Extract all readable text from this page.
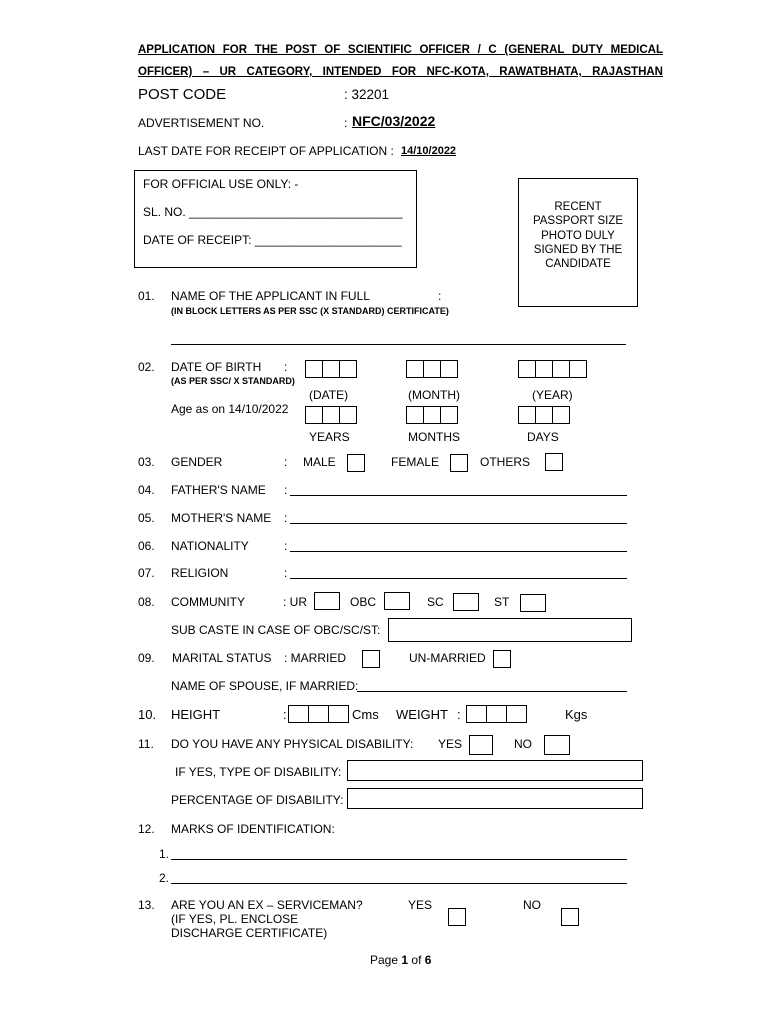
APPLICATION FOR THE POST OF SCIENTIFIC OFFICER / C (GENERAL DUTY MEDICAL
OFFICER) – UR CATEGORY, INTENDED FOR NFC-KOTA, RAWATBHATA, RAJASTHAN
POST CODE	: 32201
ADVERTISEMENT NO.	: NFC/03/2022
LAST DATE FOR RECEIPT OF APPLICATION : 14/10/2022
FOR OFFICIAL USE ONLY: -
SL. NO. ________________________________
DATE OF RECEIPT: ______________________
RECENT
PASSPORT SIZE
PHOTO DULY
SIGNED BY THE
CANDIDATE
01. NAME OF THE APPLICANT IN FULL	:
(IN BLOCK LETTERS AS PER SSC (X STANDARD) CERTIFICATE)
02. DATE OF BIRTH :
(AS PER SSC/ X STANDARD)
(DATE)	(MONTH)	(YEAR)
Age as on 14/10/2022
YEARS	MONTHS	DAYS
03. GENDER	: MALE	FEMALE	OTHERS
04. FATHER'S NAME :
05. MOTHER'S NAME :
06. NATIONALITY	:
07. RELIGION	:
08. COMMUNITY	: UR	OBC	SC	ST
SUB CASTE IN CASE OF OBC/SC/ST:
09. MARITAL STATUS : MARRIED	UN-MARRIED
NAME OF SPOUSE, IF MARRIED:
10. HEIGHT	:	Cms WEIGHT :	Kgs
11. DO YOU HAVE ANY PHYSICAL DISABILITY: YES	NO
IF YES, TYPE OF DISABILITY:
PERCENTAGE OF DISABILITY:
12. MARKS OF IDENTIFICATION:
1.
2.
13. ARE YOU AN EX – SERVICEMAN?
(IF YES, PL. ENCLOSE
DISCHARGE CERTIFICATE)
YES	NO
Page 1 of 6
